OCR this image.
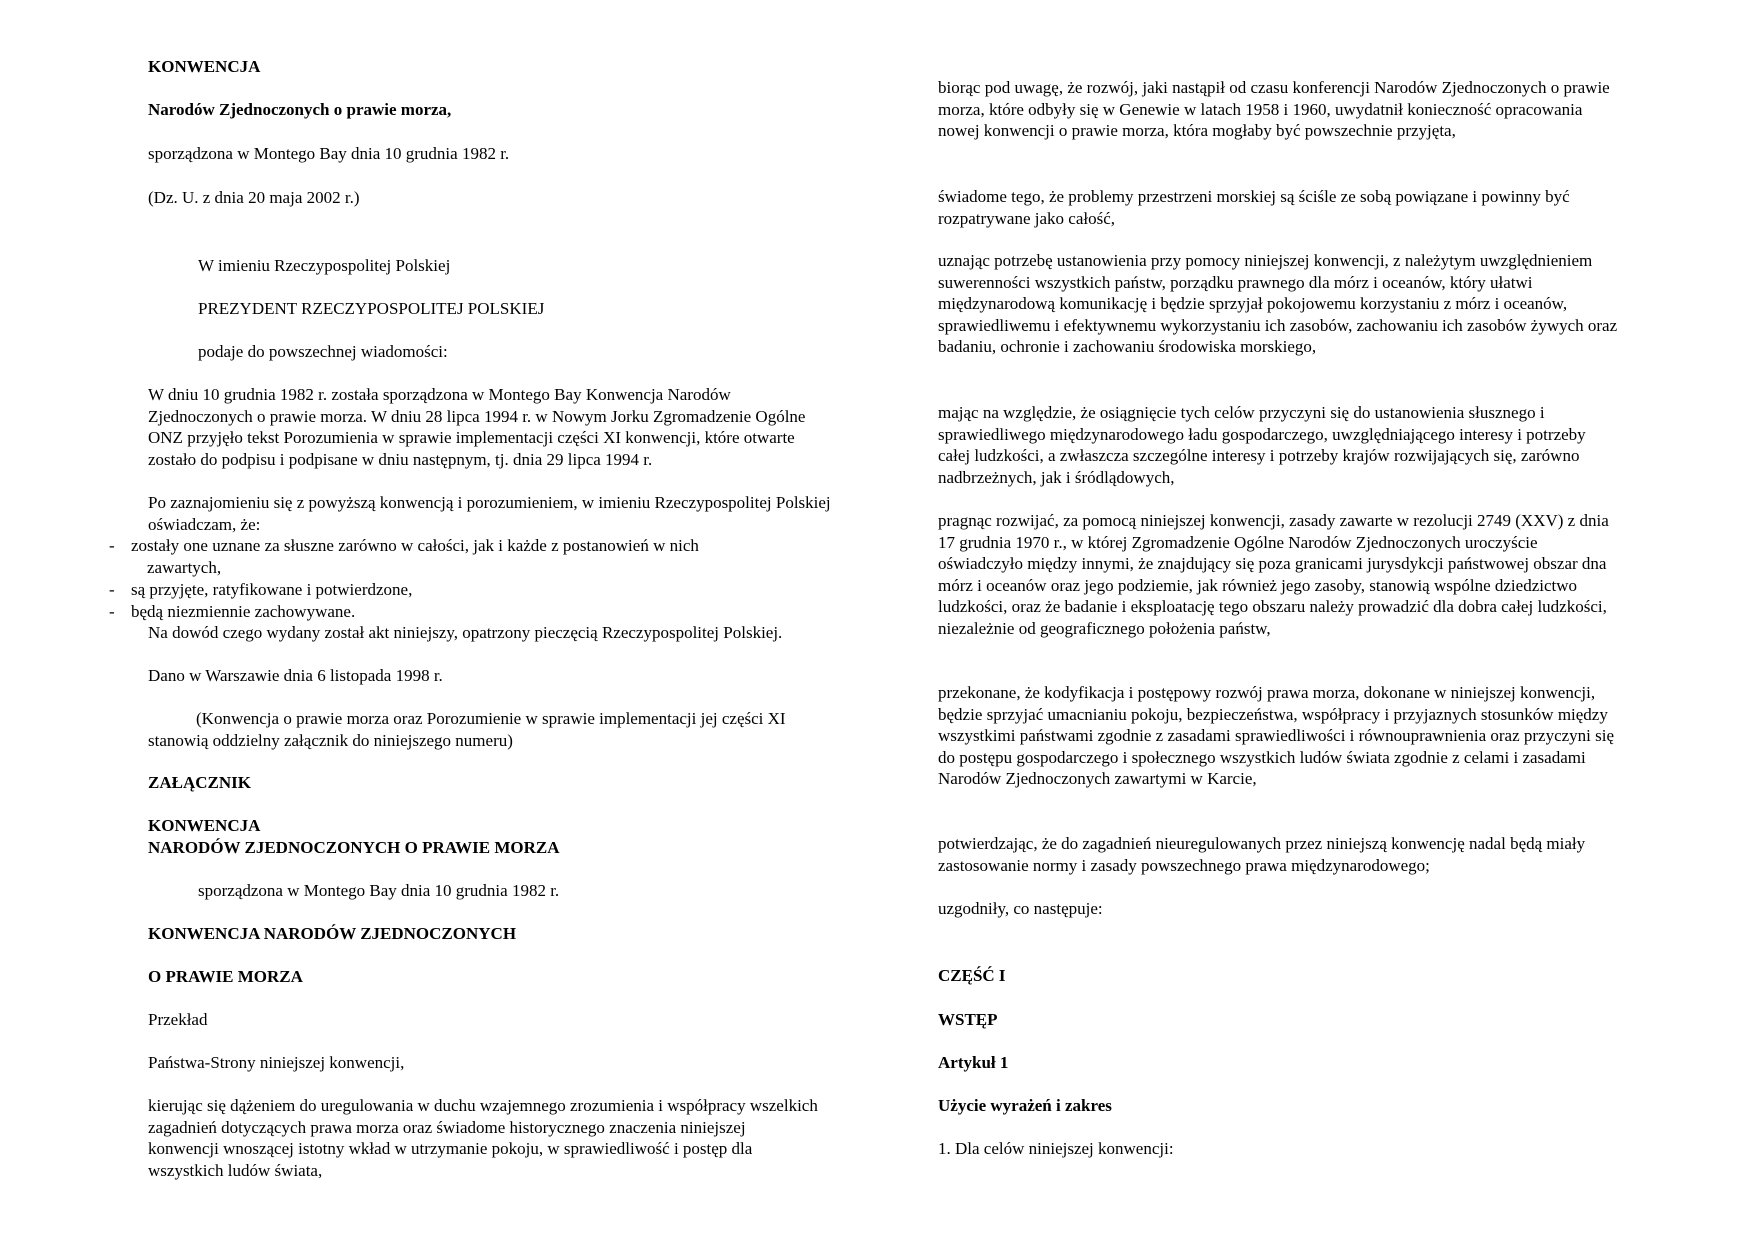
KONWENCJA

Narodów Zjednoczonych o prawie morza,

sporządzona w Montego Bay dnia 10 grudnia 1982 r.

(Dz. U. z dnia 20 maja 2002 r.)

W imieniu Rzeczypospolitej Polskiej

PREZYDENT RZECZYPOSPOLITEJ POLSKIEJ

podaje do powszechnej wiadomości:

W dniu 10 grudnia 1982 r. została sporządzona w Montego Bay Konwencja Narodów Zjednoczonych o prawie morza. W dniu 28 lipca 1994 r. w Nowym Jorku Zgromadzenie Ogólne ONZ przyjęło tekst Porozumienia w sprawie implementacji części XI konwencji, które otwarte zostało do podpisu i podpisane w dniu następnym, tj. dnia 29 lipca 1994 r.

Po zaznajomieniu się z powyższą konwencją i porozumieniem, w imieniu Rzeczypospolitej Polskiej oświadczam, że:

- zostały one uznane za słuszne zarówno w całości, jak i każde z postanowień w nich
zawartych,
- są przyjęte, ratyfikowane i potwierdzone,
- będą niezmiennie zachowywane.

Na dowód czego wydany został akt niniejszy, opatrzony pieczęcią Rzeczypospolitej Polskiej.

Dano w Warszawie dnia 6 listopada 1998 r.

(Konwencja o prawie morza oraz Porozumienie w sprawie implementacji jej części XI stanowią oddzielny załącznik do niniejszego numeru)

ZAŁĄCZNIK

KONWENCJA

NARODÓW ZJEDNOCZONYCH O PRAWIE MORZA

sporządzona w Montego Bay dnia 10 grudnia 1982 r.

KONWENCJA NARODÓW ZJEDNOCZONYCH

O PRAWIE MORZA

Przekład

Państwa-Strony niniejszej konwencji,

kierując się dążeniem do uregulowania w duchu wzajemnego zrozumienia i współpracy wszelkich zagadnień dotyczących prawa morza oraz świadome historycznego znaczenia niniejszej konwencji wnoszącej istotny wkład w utrzymanie pokoju, w sprawiedliwość i postęp dla wszystkich ludów świata,

biorąc pod uwagę, że rozwój, jaki nastąpił od czasu konferencji Narodów Zjednoczonych o prawie morza, które odbyły się w Genewie w latach 1958 i 1960, uwydatnił konieczność opracowania nowej konwencji o prawie morza, która mogłaby być powszechnie przyjęta,

świadome tego, że problemy przestrzeni morskiej są ściśle ze sobą powiązane i powinny być rozpatrywane jako całość,

uznając potrzebę ustanowienia przy pomocy niniejszej konwencji, z należytym uwzględnieniem suwerenności wszystkich państw, porządku prawnego dla mórz i oceanów, który ułatwi międzynarodową komunikację i będzie sprzyjał pokojowemu korzystaniu z mórz i oceanów, sprawiedliwemu i efektywnemu wykorzystaniu ich zasobów, zachowaniu ich zasobów żywych oraz badaniu, ochronie i zachowaniu środowiska morskiego,

mając na względzie, że osiągnięcie tych celów przyczyni się do ustanowienia słusznego i sprawiedliwego międzynarodowego ładu gospodarczego, uwzględniającego interesy i potrzeby całej ludzkości, a zwłaszcza szczególne interesy i potrzeby krajów rozwijających się, zarówno nadbrzeżnych, jak i śródlądowych,

pragnąc rozwijać, za pomocą niniejszej konwencji, zasady zawarte w rezolucji 2749 (XXV) z dnia 17 grudnia 1970 r., w której Zgromadzenie Ogólne Narodów Zjednoczonych uroczyście oświadczyło między innymi, że znajdujący się poza granicami jurysdykcji państwowej obszar dna mórz i oceanów oraz jego podziemie, jak również jego zasoby, stanowią wspólne dziedzictwo ludzkości, oraz że badanie i eksploatację tego obszaru należy prowadzić dla dobra całej ludzkości, niezależnie od geograficznego położenia państw,

przekonane, że kodyfikacja i postępowy rozwój prawa morza, dokonane w niniejszej konwencji, będzie sprzyjać umacnianiu pokoju, bezpieczeństwa, współpracy i przyjaznych stosunków między wszystkimi państwami zgodnie z zasadami sprawiedliwości i równouprawnienia oraz przyczyni się do postępu gospodarczego i społecznego wszystkich ludów świata zgodnie z celami i zasadami Narodów Zjednoczonych zawartymi w Karcie,

potwierdzając, że do zagadnień nieuregulowanych przez niniejszą konwencję nadal będą miały zastosowanie normy i zasady powszechnego prawa międzynarodowego;

uzgodniły, co następuje:

CZĘŚĆ I

WSTĘP

Artykuł 1

Użycie wyrażeń i zakres

1. Dla celów niniejszej konwencji:
